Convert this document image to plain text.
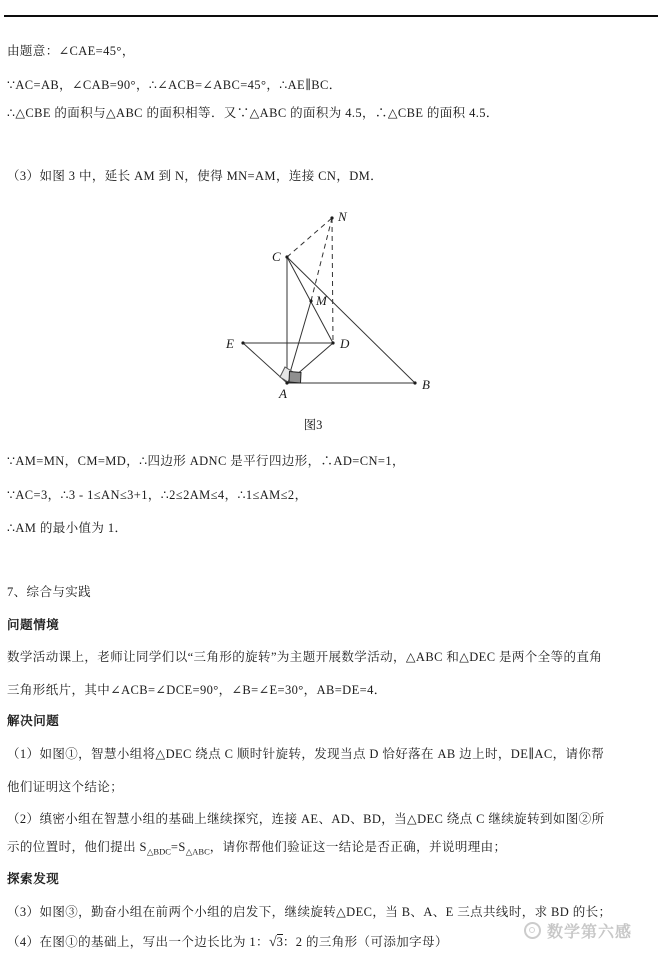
由题意：∠CAE=45°，
∵AC=AB，∠CAB=90°，∴∠ACB=∠ABC=45°，∴AE∥BC．
∴△CBE 的面积与△ABC 的面积相等．又∵△ABC 的面积为 4.5，∴△CBE 的面积 4.5．
（3）如图 3 中，延长 AM 到 N，使得 MN=AM，连接 CN，DM．
N
C
M
E	D
A
B
图3
∵AM=MN，CM=MD，∴四边形 ADNC 是平行四边形，∴AD=CN=1，
∵AC=3，∴3 - 1≤AN≤3+1，∴2≤2AM≤4，∴1≤AM≤2，
∴AM 的最小值为 1．
7、综合与实践
问题情境
数学活动课上，老师让同学们以“三角形的旋转”为主题开展数学活动，△ABC 和△DEC 是两个全等的直角
三角形纸片，其中∠ACB=∠DCE=90°，∠B=∠E=30°，AB=DE=4．
解决问题
（1）如图①，智慧小组将△DEC 绕点 C 顺时针旋转，发现当点 D 恰好落在 AB 边上时，DE∥AC，请你帮
他们证明这个结论；
（2）缜密小组在智慧小组的基础上继续探究，连接 AE、AD、BD，当△DEC 绕点 C 继续旋转到如图②所
示的位置时，他们提出 $S_{\triangle BDC}=S_{\triangle ABC}$，请你帮他们验证这一结论是否正确，并说明理由；
探索发现
（3）如图③，勤奋小组在前两个小组的启发下，继续旋转△DEC，当 B、A、E 三点共线时，求 BD 的长；
（4）在图①的基础上，写出一个边长比为 1：√3：2 的三角形（可添加字母）
数学第六感
